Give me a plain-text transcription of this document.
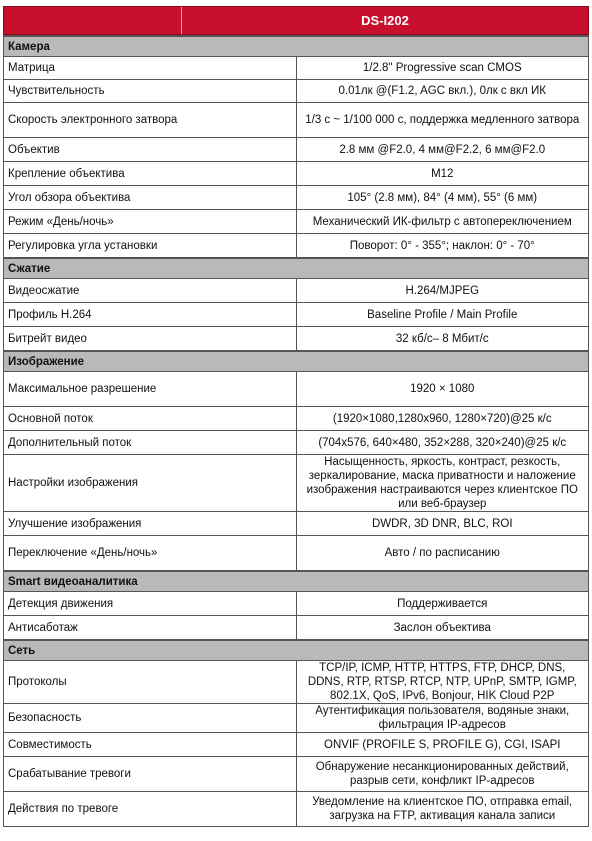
DS-I202
Камера	
Матрица	1/2.8" Progressive scan CMOS
Чувствительность	0.01лк @(F1.2, AGC вкл.), 0лк с вкл ИК
Скорость электронного затвора	1/3 с ~ 1/100 000 с, поддержка медленного затвора
Объектив	2.8 мм @F2.0, 4 мм@F2.2, 6 мм@F2.0
Крепление объектива	M12
Угол обзора объектива	105° (2.8 мм), 84° (4 мм), 55° (6 мм)
Режим «День/ночь»	Механический ИК-фильтр с автопереключением
Регулировка угла установки	Поворот: 0° - 355°; наклон: 0° - 70°
Сжатие	
Видеосжатие	H.264/MJPEG
Профиль H.264	Baseline Profile / Main Profile
Битрейт видео	32 кб/с– 8 Мбит/с
Изображение	
Максимальное разрешение	1920 × 1080
Основной поток	(1920×1080,1280x960, 1280×720)@25 к/с
Дополнительный поток	(704x576, 640×480, 352×288, 320×240)@25 к/с
Настройки изображения	Насыщенность, яркость, контраст, резкость, зеркалирование, маска приватности и наложение изображения настраиваются через клиентское ПО или веб-браузер
Улучшение изображения	DWDR, 3D DNR, BLC, ROI
Переключение «День/ночь»	Авто / по расписанию
Smart видеоаналитика	
Детекция движения	Поддерживается
Антисаботаж	Заслон объектива
Сеть	
Протоколы	TCP/IP, ICMP, HTTP, HTTPS, FTP, DHCP, DNS, DDNS, RTP, RTSP, RTCP, NTP, UPnP, SMTP, IGMP, 802.1X, QoS, IPv6, Bonjour, HIK Cloud P2P
Безопасность	Аутентификация пользователя, водяные знаки, фильтрация IP-адресов
Совместимость	ONVIF (PROFILE S, PROFILE G), CGI, ISAPI
Срабатывание тревоги	Обнаружение несанкционированных действий, разрыв сети, конфликт IP-адресов
Действия по тревоге	Уведомление на клиентское ПО, отправка email, загрузка на FTP, активация канала записи
